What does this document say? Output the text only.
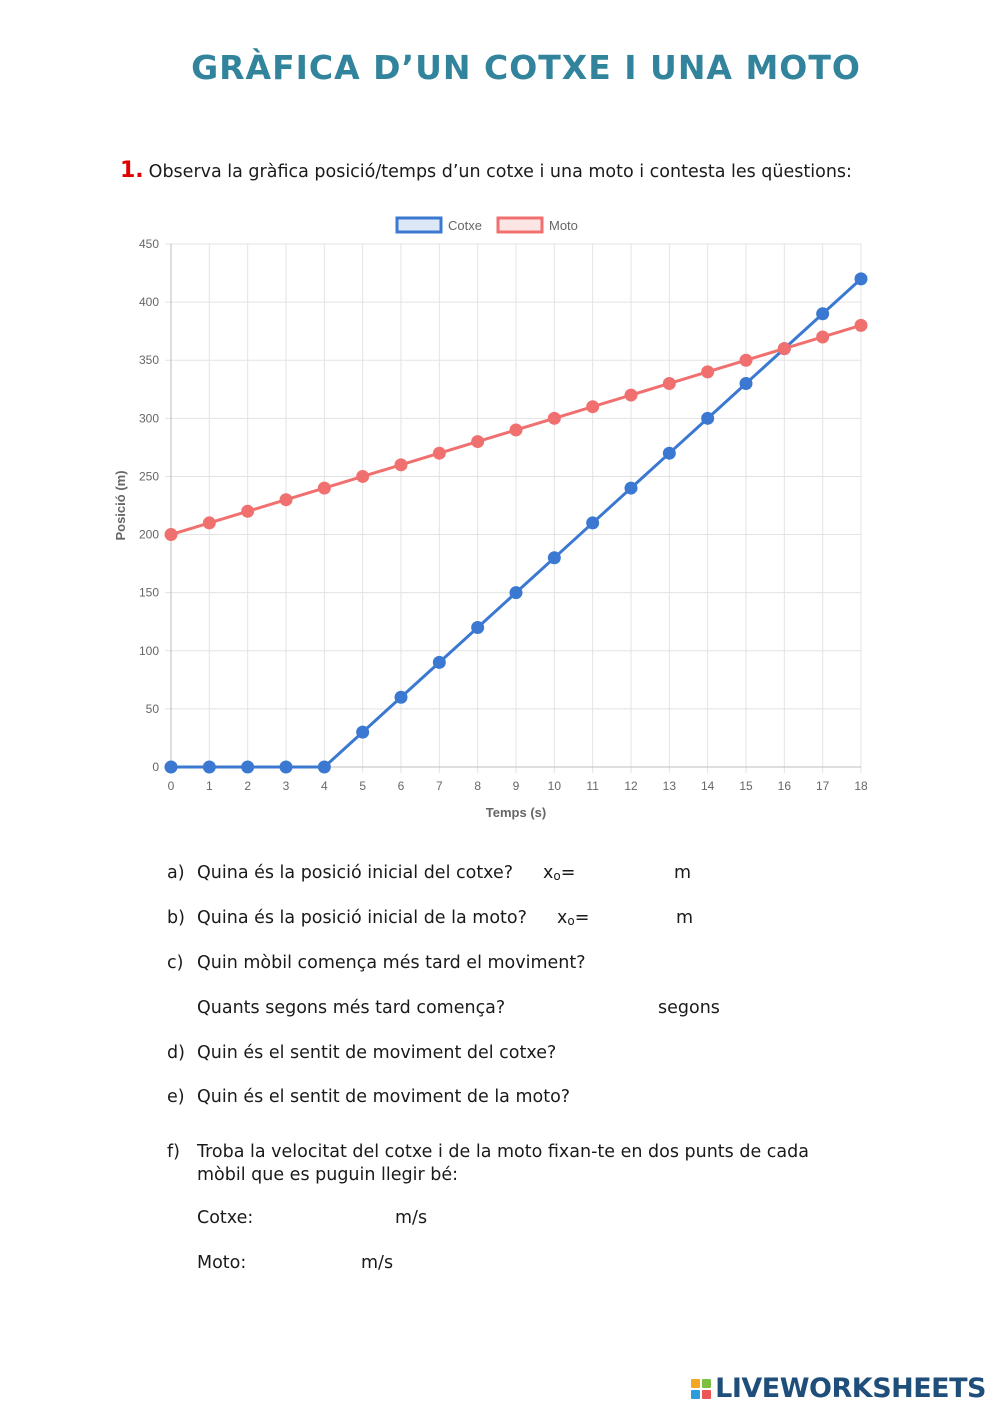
GRÀFICA D’UN COTXE I UNA MOTO
1. Observa la gràfica posició/temps d’un cotxe i una moto i contesta les qüestions:
0
50
100
150
200
250
300
350
400
450
0	1	2	3	4	5	6	7	8	9 10 11 12 13 14 15 16 17 18
Temps (s)
Posició (m)
Cotxe	Moto
a) Quina és la posició inicial del cotxe? xo=	m
b) Quina és la posició inicial de la moto? xo=	m
c) Quin mòbil comença més tard el moviment?
Quants segons més tard comença?	segons
d) Quin és el sentit de moviment del cotxe?
e) Quin és el sentit de moviment de la moto?
f) Troba la velocitat del cotxe i de la moto fixan-te en dos punts de cada
mòbil que es puguin llegir bé:
Cotxe:	m/s
Moto:	m/s
LIVEWORKSHEETS
